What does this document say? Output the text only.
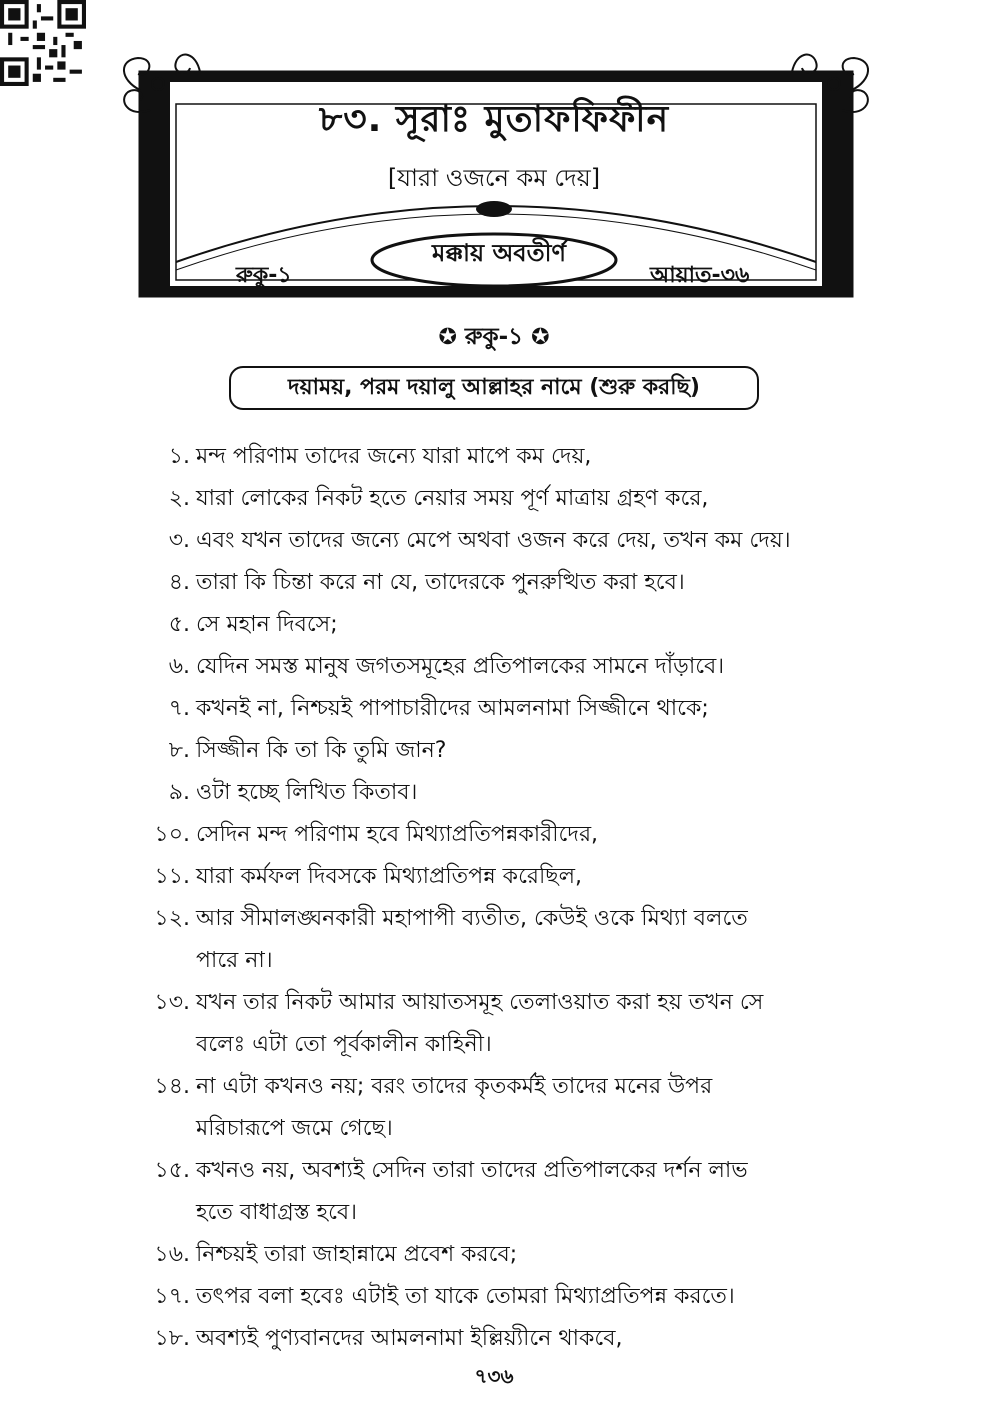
৮৩. সূরাঃ মুতাফফিফীন
[যারা ওজনে কম দেয়]
মক্কায় অবতীর্ণ
রুকু-১	আয়াত-৩৬
✪ রুকু-১ ✪
দয়াময়, পরম দয়ালু আল্লাহর নামে (শুরু করছি)
১. মন্দ পরিণাম তাদের জন্যে যারা মাপে কম দেয়,
২. যারা লোকের নিকট হতে নেয়ার সময় পূর্ণ মাত্রায় গ্রহণ করে,
৩. এবং যখন তাদের জন্যে মেপে অথবা ওজন করে দেয়, তখন কম দেয়।
৪. তারা কি চিন্তা করে না যে, তাদেরকে পুনরুত্থিত করা হবে।
৫. সে মহান দিবসে;
৬. যেদিন সমস্ত মানুষ জগতসমূহের প্রতিপালকের সামনে দাঁড়াবে।
৭. কখনই না, নিশ্চয়ই পাপাচারীদের আমলনামা সিজ্জীনে থাকে;
৮. সিজ্জীন কি তা কি তুমি জান?
৯. ওটা হচ্ছে লিখিত কিতাব।
১০. সেদিন মন্দ পরিণাম হবে মিথ্যাপ্রতিপন্নকারীদের,
১১. যারা কর্মফল দিবসকে মিথ্যাপ্রতিপন্ন করেছিল,
১২. আর সীমালঙ্ঘনকারী মহাপাপী ব্যতীত, কেউই ওকে মিথ্যা বলতে
পারে না।
১৩. যখন তার নিকট আমার আয়াতসমূহ তেলাওয়াত করা হয় তখন সে
বলেঃ এটা তো পূর্বকালীন কাহিনী।
১৪. না এটা কখনও নয়; বরং তাদের কৃতকর্মই তাদের মনের উপর
মরিচারূপে জমে গেছে।
১৫. কখনও নয়, অবশ্যই সেদিন তারা তাদের প্রতিপালকের দর্শন লাভ
হতে বাধাগ্রস্ত হবে।
১৬. নিশ্চয়ই তারা জাহান্নামে প্রবেশ করবে;
১৭. তৎপর বলা হবেঃ এটাই তা যাকে তোমরা মিথ্যাপ্রতিপন্ন করতে।
১৮. অবশ্যই পুণ্যবানদের আমলনামা ইল্লিয়্যীনে থাকবে,
৭৩৬
